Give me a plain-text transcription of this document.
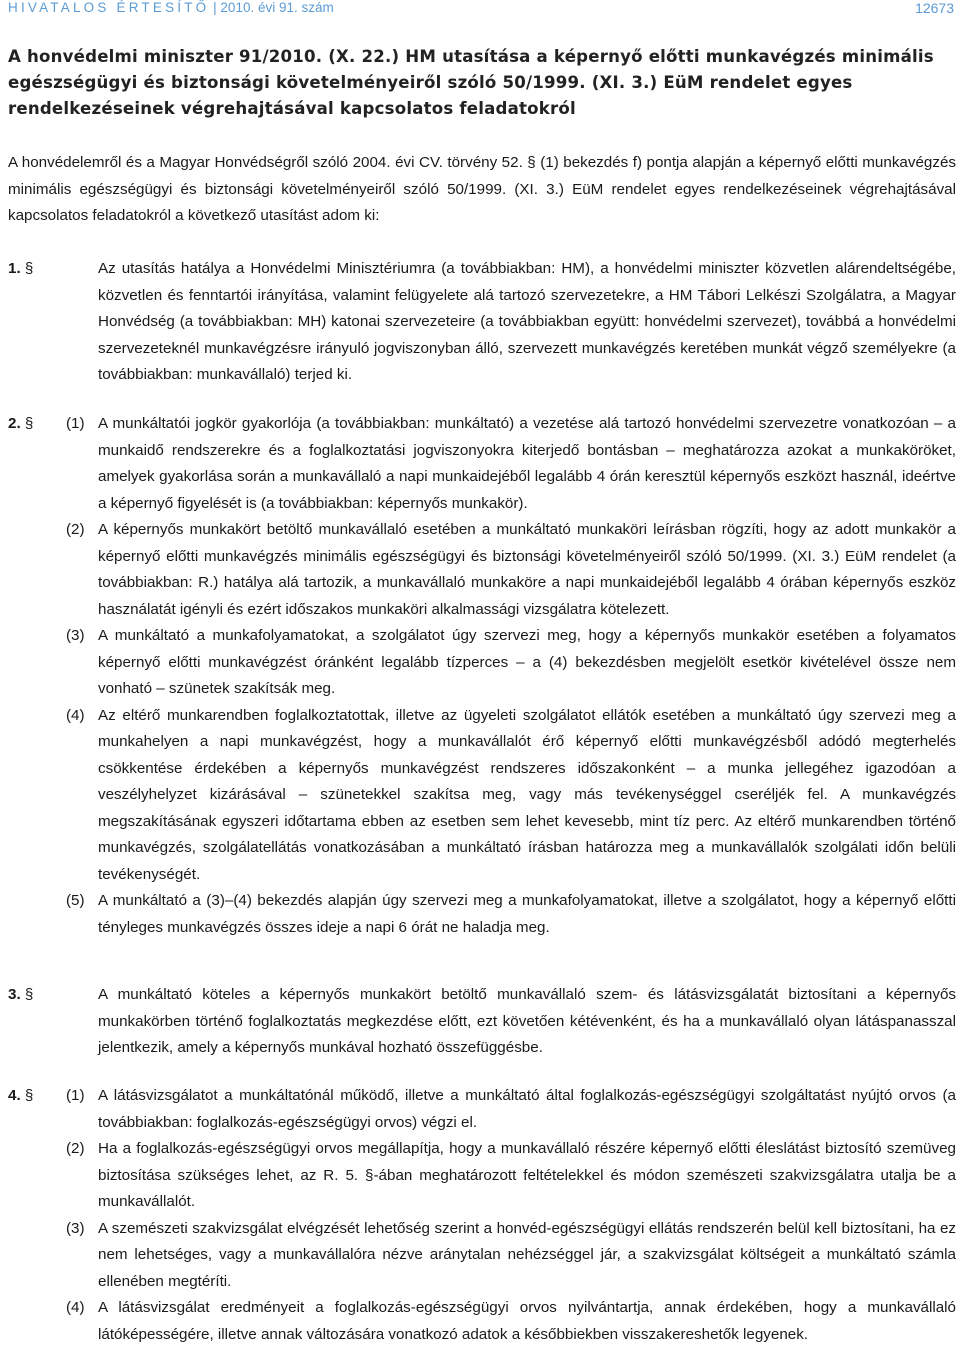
HIVATALOS ÉRTESÍTŐ | 2010. évi 91. szám	12673
A honvédelmi miniszter 91/2010. (X. 22.) HM utasítása a képernyő előtti munkavégzés minimális egészségügyi és biztonsági követelményeiről szóló 50/1999. (XI. 3.) EüM rendelet egyes rendelkezéseinek végrehajtásával kapcsolatos feladatokról
A honvédelemről és a Magyar Honvédségről szóló 2004. évi CV. törvény 52. § (1) bekezdés f) pontja alapján a képernyő előtti munkavégzés minimális egészségügyi és biztonsági követelményeiről szóló 50/1999. (XI. 3.) EüM rendelet egyes rendelkezéseinek végrehajtásával kapcsolatos feladatokról a következő utasítást adom ki:
1. §	Az utasítás hatálya a Honvédelmi Minisztériumra (a továbbiakban: HM), a honvédelmi miniszter közvetlen alárendeltségébe, közvetlen és fenntartói irányítása, valamint felügyelete alá tartozó szervezetekre, a HM Tábori Lelkészi Szolgálatra, a Magyar Honvédség (a továbbiakban: MH) katonai szervezeteire (a továbbiakban együtt: honvédelmi szervezet), továbbá a honvédelmi szervezeteknél munkavégzésre irányuló jogviszonyban álló, szervezett munkavégzés keretében munkát végző személyekre (a továbbiakban: munkavállaló) terjed ki.
2. § (1) A munkáltatói jogkör gyakorlója (a továbbiakban: munkáltató) a vezetése alá tartozó honvédelmi szervezetre vonatkozóan – a munkaidő rendszerekre és a foglalkoztatási jogviszonyokra kiterjedő bontásban – meghatározza azokat a munkaköröket, amelyek gyakorlása során a munkavállaló a napi munkaidejéből legalább 4 órán keresztül képernyős eszközt használ, ideértve a képernyő figyelését is (a továbbiakban: képernyős munkakör).
(2) A képernyős munkakört betöltő munkavállaló esetében a munkáltató munkaköri leírásban rögzíti, hogy az adott munkakör a képernyő előtti munkavégzés minimális egészségügyi és biztonsági követelményeiről szóló 50/1999. (XI. 3.) EüM rendelet (a továbbiakban: R.) hatálya alá tartozik, a munkavállaló munkaköre a napi munkaidejéből legalább 4 órában képernyős eszköz használatát igényli és ezért időszakos munkaköri alkalmassági vizsgálatra kötelezett.
(3) A munkáltató a munkafolyamatokat, a szolgálatot úgy szervezi meg, hogy a képernyős munkakör esetében a folyamatos képernyő előtti munkavégzést óránként legalább tízperces – a (4) bekezdésben megjelölt esetkör kivételével össze nem vonható – szünetek szakítsák meg.
(4) Az eltérő munkarendben foglalkoztatottak, illetve az ügyeleti szolgálatot ellátók esetében a munkáltató úgy szervezi meg a munkahelyen a napi munkavégzést, hogy a munkavállalót érő képernyő előtti munkavégzésből adódó megterhelés csökkentése érdekében a képernyős munkavégzést rendszeres időszakonként – a munka jellegéhez igazodóan a veszélyhelyzet kizárásával – szünetekkel szakítsa meg, vagy más tevékenységgel cseréljék fel. A munkavégzés megszakításának egyszeri időtartama ebben az esetben sem lehet kevesebb, mint tíz perc. Az eltérő munkarendben történő munkavégzés, szolgálatellátás vonatkozásában a munkáltató írásban határozza meg a munkavállalók szolgálati időn belüli tevékenységét.
(5) A munkáltató a (3)–(4) bekezdés alapján úgy szervezi meg a munkafolyamatokat, illetve a szolgálatot, hogy a képernyő előtti tényleges munkavégzés összes ideje a napi 6 órát ne haladja meg.
3. §	A munkáltató köteles a képernyős munkakört betöltő munkavállaló szem- és látásvizsgálatát biztosítani a képernyős munkakörben történő foglalkoztatás megkezdése előtt, ezt követően kétévenként, és ha a munkavállaló olyan látáspanasszal jelentkezik, amely a képernyős munkával hozható összefüggésbe.
4. § (1) A látásvizsgálatot a munkáltatónál működő, illetve a munkáltató által foglalkozás-egészségügyi szolgáltatást nyújtó orvos (a továbbiakban: foglalkozás-egészségügyi orvos) végzi el.
(2) Ha a foglalkozás-egészségügyi orvos megállapítja, hogy a munkavállaló részére képernyő előtti éleslátást biztosító szemüveg biztosítása szükséges lehet, az R. 5. §-ában meghatározott feltételekkel és módon szemészeti szakvizsgálatra utalja be a munkavállalót.
(3) A szemészeti szakvizsgálat elvégzését lehetőség szerint a honvéd-egészségügyi ellátás rendszerén belül kell biztosítani, ha ez nem lehetséges, vagy a munkavállalóra nézve aránytalan nehézséggel jár, a szakvizsgálat költségeit a munkáltató számla ellenében megtéríti.
(4) A látásvizsgálat eredményeit a foglalkozás-egészségügyi orvos nyilvántartja, annak érdekében, hogy a munkavállaló látóképességére, illetve annak változására vonatkozó adatok a későbbiekben visszakereshetők legyenek.
